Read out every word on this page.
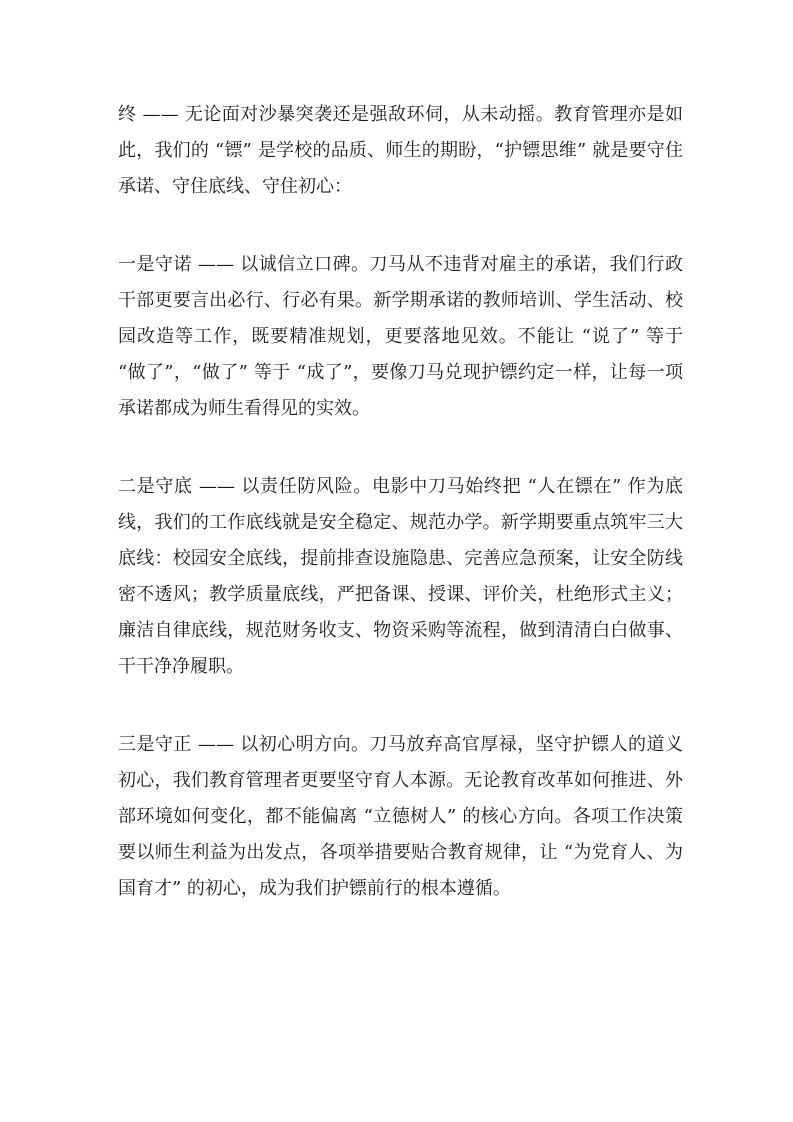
终 —— 无论面对沙暴突袭还是强敌环伺，从未动摇。教育管理亦是如此，我们的 “镖” 是学校的品质、师生的期盼，“护镖思维” 就是要守住承诺、守住底线、守住初心：

一是守诺 —— 以诚信立口碑。刀马从不违背对雇主的承诺，我们行政干部更要言出必行、行必有果。新学期承诺的教师培训、学生活动、校园改造等工作，既要精准规划，更要落地见效。不能让 “说了” 等于 “做了”，“做了” 等于 “成了”，要像刀马兑现护镖约定一样，让每一项承诺都成为师生看得见的实效。

二是守底 —— 以责任防风险。电影中刀马始终把 “人在镖在” 作为底线，我们的工作底线就是安全稳定、规范办学。新学期要重点筑牢三大底线：校园安全底线，提前排查设施隐患、完善应急预案，让安全防线密不透风；教学质量底线，严把备课、授课、评价关，杜绝形式主义；廉洁自律底线，规范财务收支、物资采购等流程，做到清清白白做事、干干净净履职。

三是守正 —— 以初心明方向。刀马放弃高官厚禄，坚守护镖人的道义初心，我们教育管理者更要坚守育人本源。无论教育改革如何推进、外部环境如何变化，都不能偏离 “立德树人” 的核心方向。各项工作决策要以师生利益为出发点，各项举措要贴合教育规律，让 “为党育人、为国育才” 的初心，成为我们护镖前行的根本遵循。
